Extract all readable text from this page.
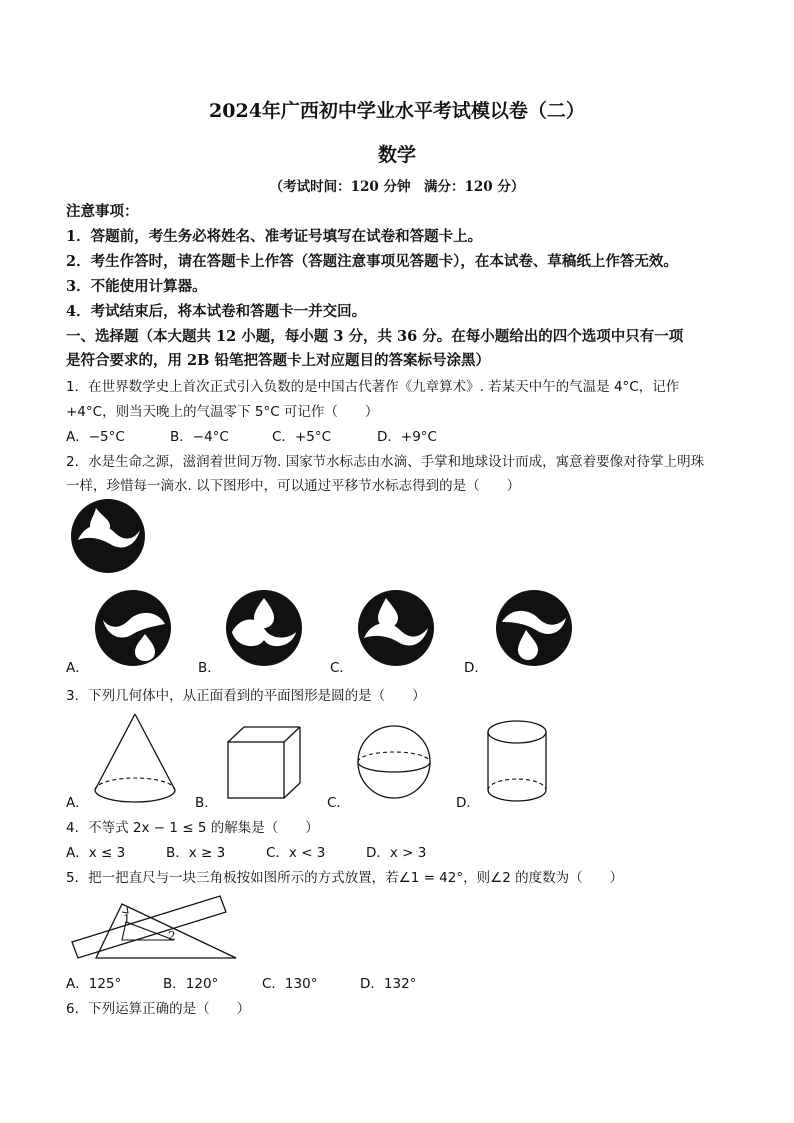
2024年广西初中学业水平考试模以卷（二）
数学
（考试时间：120 分钟　满分：120 分）
注意事项：
1．答题前，考生务必将姓名、准考证号填写在试卷和答题卡上。
2．考生作答时，请在答题卡上作答（答题注意事项见答题卡），在本试卷、草稿纸上作答无效。
3．不能使用计算器。
4．考试结束后，将本试卷和答题卡一并交回。
一、选择题（本大题共 12 小题，每小题 3 分，共 36 分。在每小题给出的四个选项中只有一项
是符合要求的，用 2B 铅笔把答题卡上对应题目的答案标号涂黑）
1．在世界数学史上首次正式引入负数的是中国古代著作《九章算术》. 若某天中午的气温是 4°C，记作
+4°C，则当天晚上的气温零下 5°C 可记作（　　）
A．−5°C	B．−4°C	C．+5°C	D．+9°C
2．水是生命之源，滋润着世间万物. 国家节水标志由水滴、手掌和地球设计而成，寓意着要像对待掌上明珠
一样，珍惜每一滴水. 以下图形中，可以通过平移节水标志得到的是（　　）
A．	B．	C．	D．
3．下列几何体中，从正面看到的平面图形是圆的是（　　）
A．	B．	C．	D．
4．不等式 2x − 1 ≤ 5 的解集是（　　）
A．x ≤ 3	B．x ≥ 3	C．x < 3	D．x > 3
5．把一把直尺与一块三角板按如图所示的方式放置，若∠1 = 42°，则∠2 的度数为（　　）
1
2
A．125°	B．120°	C．130°	D．132°
6．下列运算正确的是（　　）
